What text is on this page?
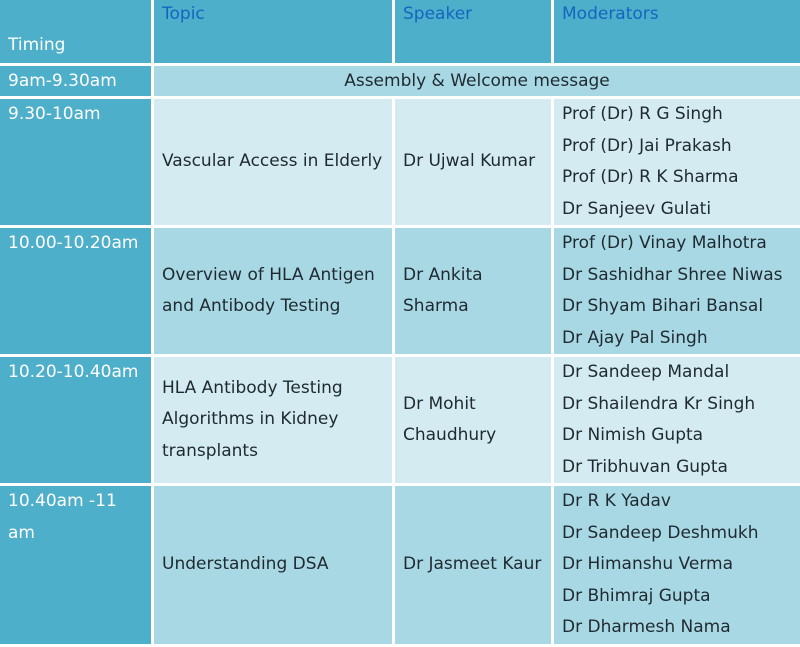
Timing	Topic	Speaker	Moderators
9am-9.30am	Assembly & Welcome message		
9.30-10am	Vascular Access in Elderly	Dr Ujwal Kumar	Prof (Dr) R G Singh
Prof (Dr) Jai Prakash
Prof (Dr) R K Sharma
Dr Sanjeev Gulati

10.00-10.20am	Overview of HLA Antigen and Antibody Testing	Dr Ankita Sharma	Prof (Dr) Vinay Malhotra
Dr Sashidhar Shree Niwas
Dr Shyam Bihari Bansal
Dr Ajay Pal Singh

10.20-10.40am	HLA Antibody Testing Algorithms in Kidney transplants	Dr Mohit Chaudhury	Dr Sandeep Mandal
Dr Shailendra Kr Singh
Dr Nimish Gupta
Dr Tribhuvan Gupta

10.40am -11 am	Understanding DSA	Dr Jasmeet Kaur	Dr R K Yadav
Dr Sandeep Deshmukh
Dr Himanshu Verma
Dr Bhimraj Gupta
Dr Dharmesh Nama
